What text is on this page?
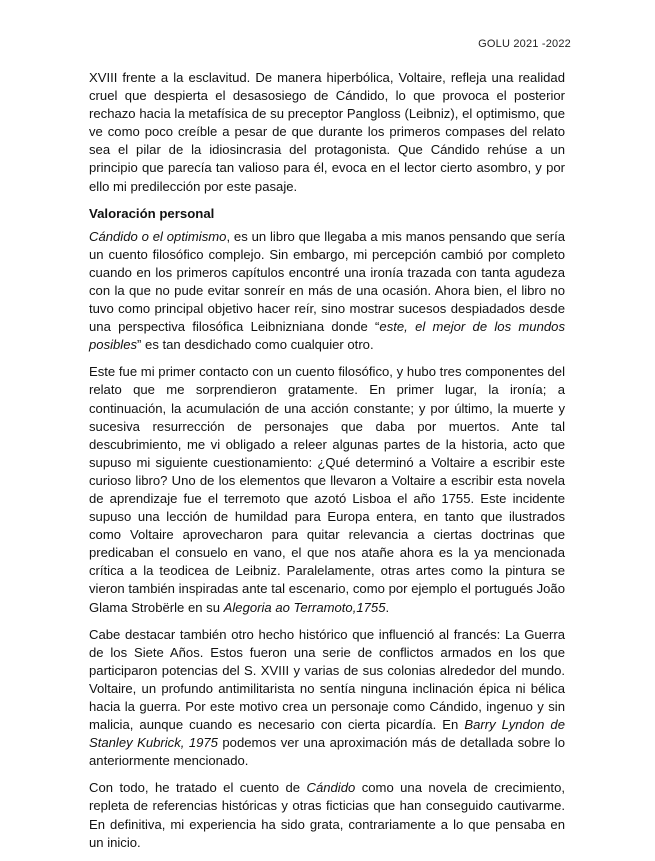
GOLU 2021 -2022

XVIII frente a la esclavitud. De manera hiperbólica, Voltaire, refleja una realidad cruel que despierta el desasosiego de Cándido, lo que provoca el posterior rechazo hacia la metafísica de su preceptor Pangloss (Leibniz), el optimismo, que ve como poco creíble a pesar de que durante los primeros compases del relato sea el pilar de la idiosincrasia del protagonista. Que Cándido rehúse a un principio que parecía tan valioso para él, evoca en el lector cierto asombro, y por ello mi predilección por este pasaje.

Valoración personal

Cándido o el optimismo, es un libro que llegaba a mis manos pensando que sería un cuento filosófico complejo. Sin embargo, mi percepción cambió por completo cuando en los primeros capítulos encontré una ironía trazada con tanta agudeza con la que no pude evitar sonreír en más de una ocasión. Ahora bien, el libro no tuvo como principal objetivo hacer reír, sino mostrar sucesos despiadados desde una perspectiva filosófica Leibnizniana donde “este, el mejor de los mundos posibles” es tan desdichado como cualquier otro.

Este fue mi primer contacto con un cuento filosófico, y hubo tres componentes del relato que me sorprendieron gratamente. En primer lugar, la ironía; a continuación, la acumulación de una acción constante; y por último, la muerte y sucesiva resurrección de personajes que daba por muertos. Ante tal descubrimiento, me vi obligado a releer algunas partes de la historia, acto que supuso mi siguiente cuestionamiento: ¿Qué determinó a Voltaire a escribir este curioso libro? Uno de los elementos que llevaron a Voltaire a escribir esta novela de aprendizaje fue el terremoto que azotó Lisboa el año 1755. Este incidente supuso una lección de humildad para Europa entera, en tanto que ilustrados como Voltaire aprovecharon para quitar relevancia a ciertas doctrinas que predicaban el consuelo en vano, el que nos atañe ahora es la ya mencionada crítica a la teodicea de Leibniz. Paralelamente, otras artes como la pintura se vieron también inspiradas ante tal escenario, como por ejemplo el portugués João Glama Strobërle en su Alegoria ao Terramoto,1755.

Cabe destacar también otro hecho histórico que influenció al francés: La Guerra de los Siete Años. Estos fueron una serie de conflictos armados en los que participaron potencias del S. XVIII y varias de sus colonias alrededor del mundo. Voltaire, un profundo antimilitarista no sentía ninguna inclinación épica ni bélica hacia la guerra. Por este motivo crea un personaje como Cándido, ingenuo y sin malicia, aunque cuando es necesario con cierta picardía. En Barry Lyndon de Stanley Kubrick, 1975 podemos ver una aproximación más de detallada sobre lo anteriormente mencionado.

Con todo, he tratado el cuento de Cándido como una novela de crecimiento, repleta de referencias históricas y otras ficticias que han conseguido cautivarme. En definitiva, mi experiencia ha sido grata, contrariamente a lo que pensaba en un inicio.
